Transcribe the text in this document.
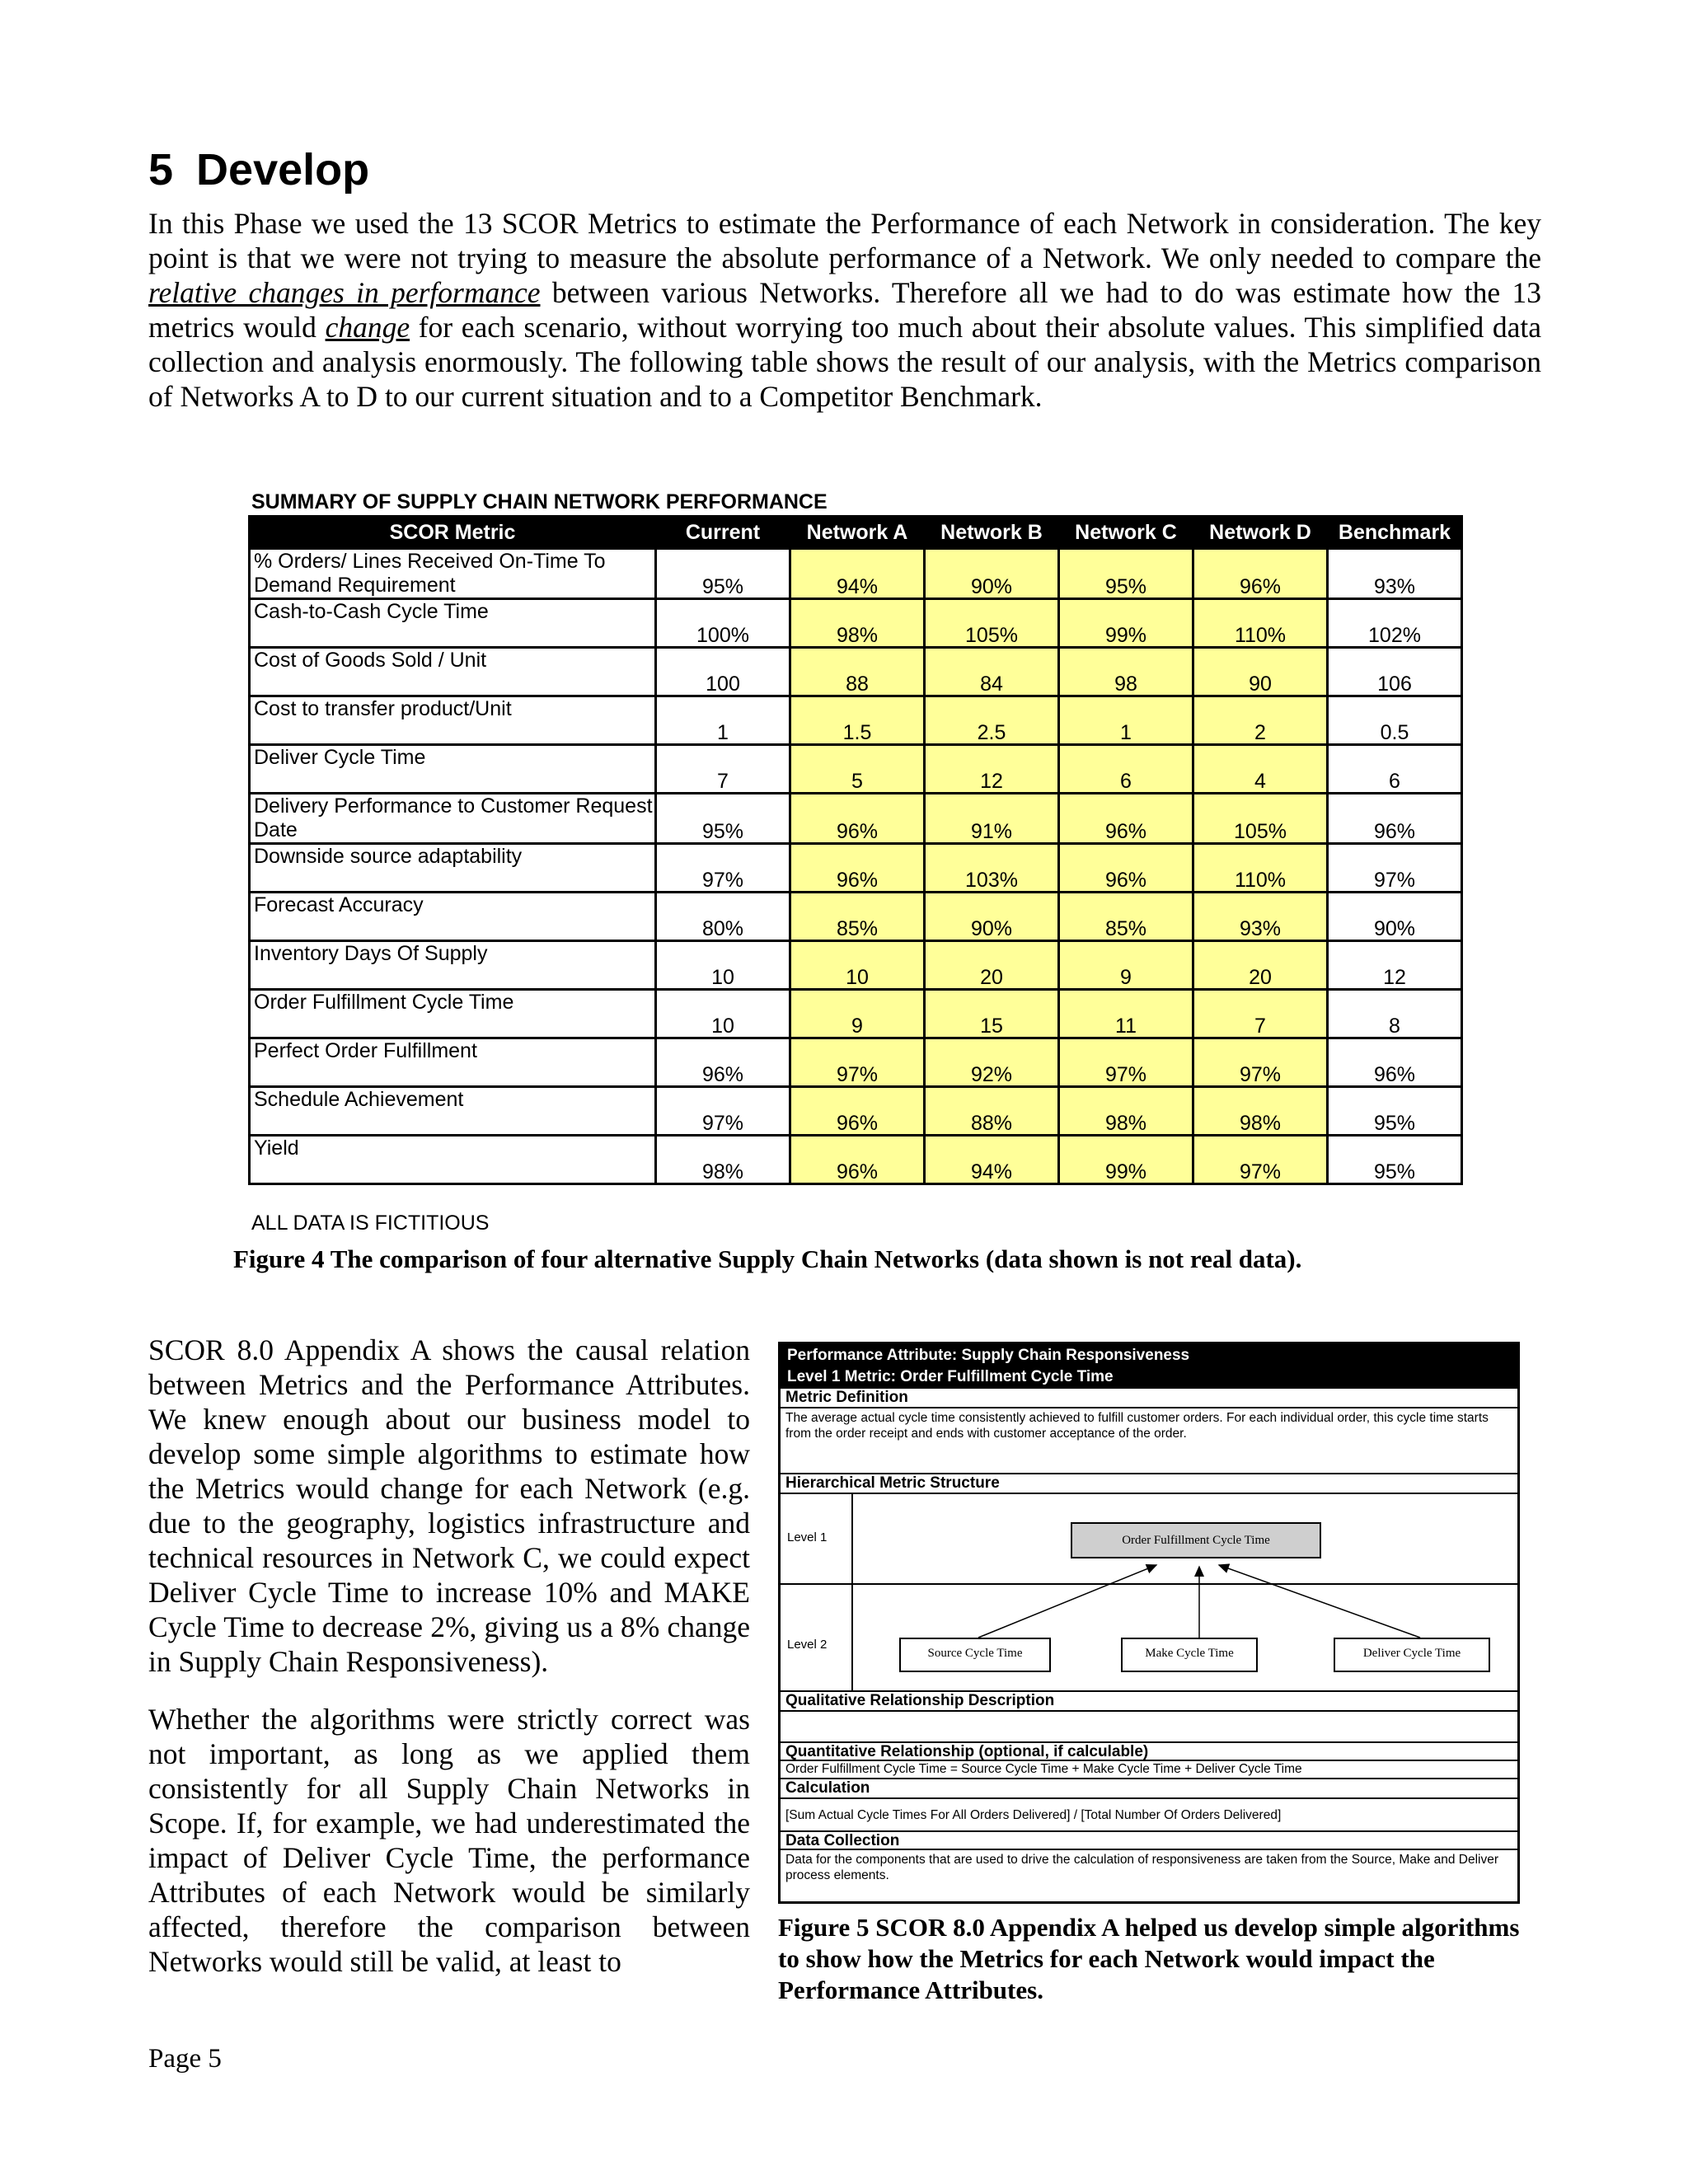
5 Develop

In this Phase we used the 13 SCOR Metrics to estimate the Performance of each Network in consideration. The key point is that we were not trying to measure the absolute performance of a Network. We only needed to compare the relative changes in performance between various Networks. Therefore all we had to do was estimate how the 13 metrics would change for each scenario, without worrying too much about their absolute values. This simplified data collection and analysis enormously. The following table shows the result of our analysis, with the Metrics comparison of Networks A to D to our current situation and to a Competitor Benchmark.

SUMMARY OF SUPPLY CHAIN NETWORK PERFORMANCE
SCOR Metric	Current	Network A	Network B	Network C	Network D	Benchmark
% Orders/ Lines Received On-Time To Demand Requirement	95%	94%	90%	95%	96%	93%
Cash-to-Cash Cycle Time	100%	98%	105%	99%	110%	102%
Cost of Goods Sold / Unit	100	88	84	98	90	106
Cost to transfer product/Unit	1	1.5	2.5	1	2	0.5
Deliver Cycle Time	7	5	12	6	4	6
Delivery Performance to Customer Request Date	95%	96%	91%	96%	105%	96%
Downside source adaptability	97%	96%	103%	96%	110%	97%
Forecast Accuracy	80%	85%	90%	85%	93%	90%
Inventory Days Of Supply	10	10	20	9	20	12
Order Fulfillment Cycle Time	10	9	15	11	7	8
Perfect Order Fulfillment	96%	97%	92%	97%	97%	96%
Schedule Achievement	97%	96%	88%	98%	98%	95%
Yield	98%	96%	94%	99%	97%	95%
ALL DATA IS FICTITIOUS
Figure 4 The comparison of four alternative Supply Chain Networks (data shown is not real data).

SCOR 8.0 Appendix A shows the causal relation between Metrics and the Performance Attributes. We knew enough about our business model to develop some simple algorithms to estimate how the Metrics would change for each Network (e.g. due to the geography, logistics infrastructure and technical resources in Network C, we could expect Deliver Cycle Time to increase 10% and MAKE Cycle Time to decrease 2%, giving us a 8% change in Supply Chain Responsiveness).

Whether the algorithms were strictly correct was not important, as long as we applied them consistently for all Supply Chain Networks in Scope. If, for example, we had underestimated the impact of Deliver Cycle Time, the performance Attributes of each Network would be similarly affected, therefore the comparison between Networks would still be valid, at least to

Performance Attribute: Supply Chain Responsiveness
Level 1 Metric: Order Fulfillment Cycle Time
Metric Definition
The average actual cycle time consistently achieved to fulfill customer orders. For each individual order, this cycle time starts from the order receipt and ends with customer acceptance of the order.
Hierarchical Metric Structure
Level 1
Level 2
Order Fulfillment Cycle Time
Source Cycle Time	Make Cycle Time	Deliver Cycle Time
Qualitative Relationship Description
Quantitative Relationship (optional, if calculable)
Order Fulfillment Cycle Time = Source Cycle Time + Make Cycle Time + Deliver Cycle Time
Calculation
[Sum Actual Cycle Times For All Orders Delivered] / [Total Number Of Orders Delivered]
Data Collection
Data for the components that are used to drive the calculation of responsiveness are taken from the Source, Make and Deliver process elements.
Figure 5 SCOR 8.0 Appendix A helped us develop simple algorithms to show how the Metrics for each Network would impact the Performance Attributes.
Page 5
